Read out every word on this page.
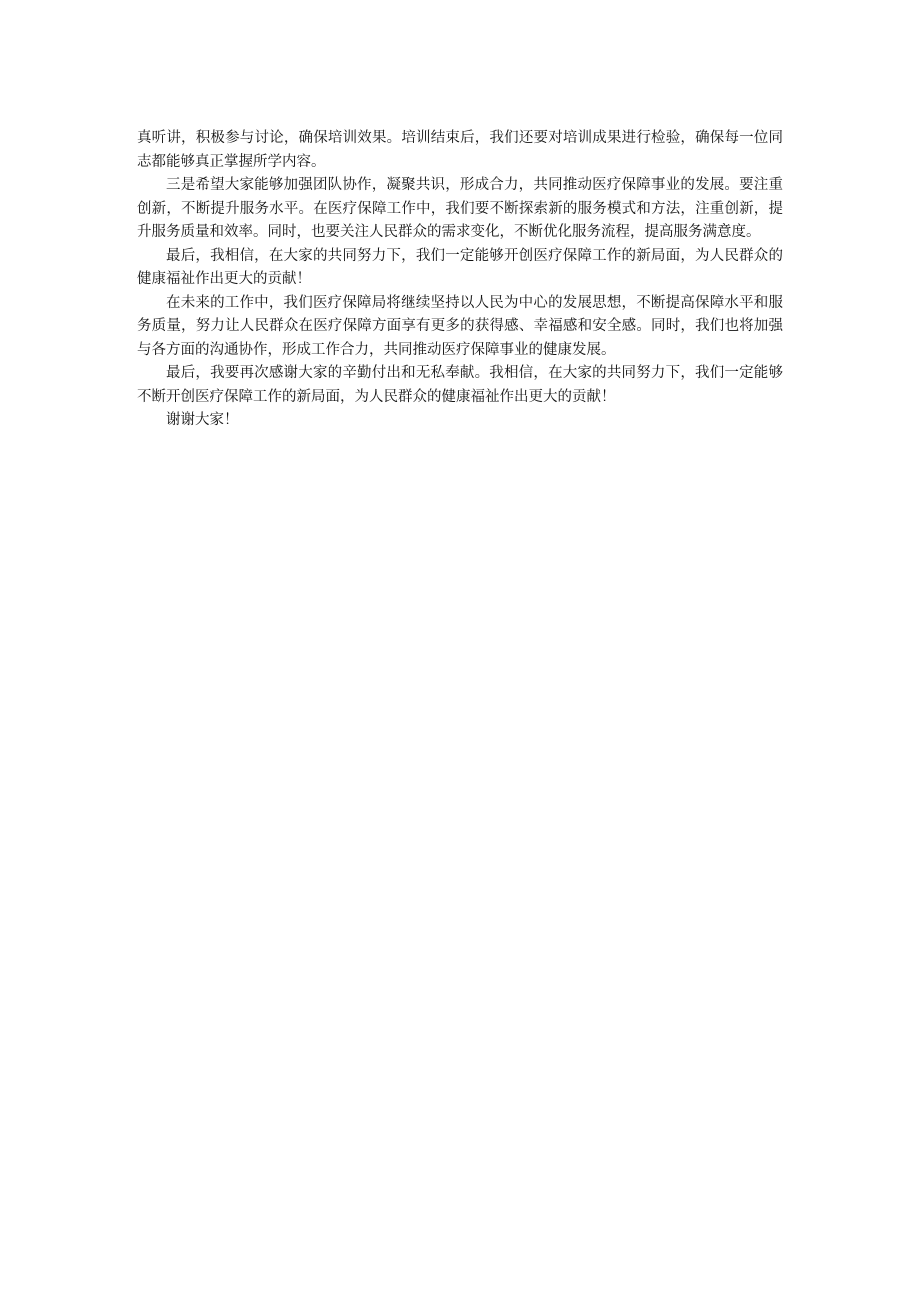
真听讲，积极参与讨论，确保培训效果。培训结束后，我们还要对培训成果进行检验，确保每一位同志都能够真正掌握所学内容。

三是希望大家能够加强团队协作，凝聚共识，形成合力，共同推动医疗保障事业的发展。要注重创新，不断提升服务水平。在医疗保障工作中，我们要不断探索新的服务模式和方法，注重创新，提升服务质量和效率。同时，也要关注人民群众的需求变化，不断优化服务流程，提高服务满意度。

最后，我相信，在大家的共同努力下，我们一定能够开创医疗保障工作的新局面，为人民群众的健康福祉作出更大的贡献！

在未来的工作中，我们医疗保障局将继续坚持以人民为中心的发展思想，不断提高保障水平和服务质量，努力让人民群众在医疗保障方面享有更多的获得感、幸福感和安全感。同时，我们也将加强与各方面的沟通协作，形成工作合力，共同推动医疗保障事业的健康发展。

最后，我要再次感谢大家的辛勤付出和无私奉献。我相信，在大家的共同努力下，我们一定能够不断开创医疗保障工作的新局面，为人民群众的健康福祉作出更大的贡献！

谢谢大家！
